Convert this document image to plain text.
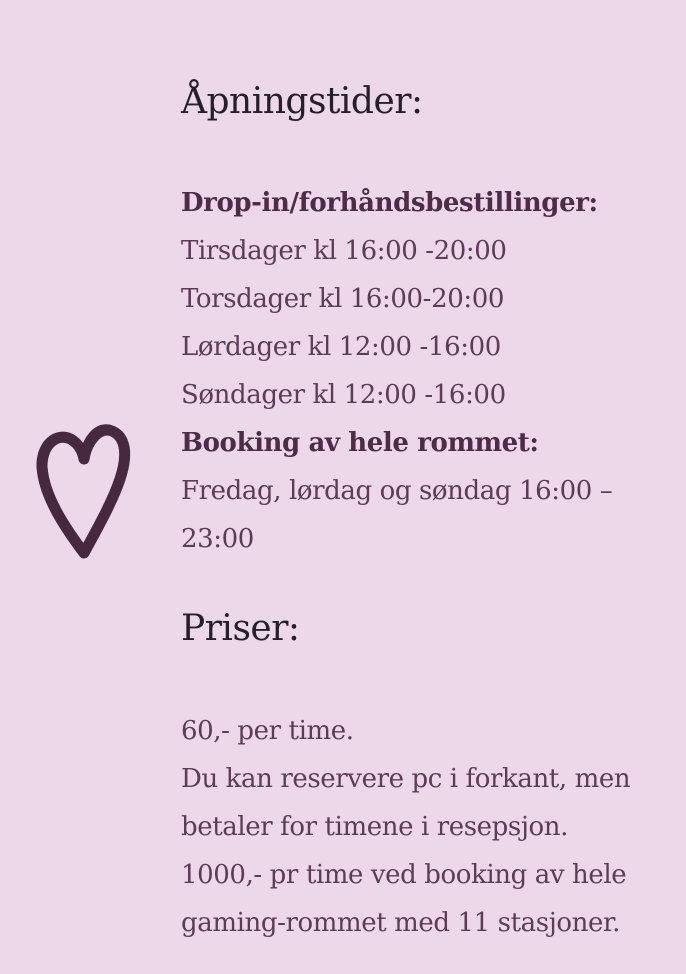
Åpningstider:
Drop-in/forhåndsbestillinger:
Tirsdager kl 16:00 -20:00
Torsdager kl 16:00-20:00
Lørdager kl 12:00 -16:00
Søndager kl 12:00 -16:00
Booking av hele rommet:
Fredag, lørdag og søndag 16:00 – 23:00
Priser:
60,- per time.
Du kan reservere pc i forkant, men betaler for timene i resepsjon.
1000,- pr time ved booking av hele gaming-rommet med 11 stasjoner.
